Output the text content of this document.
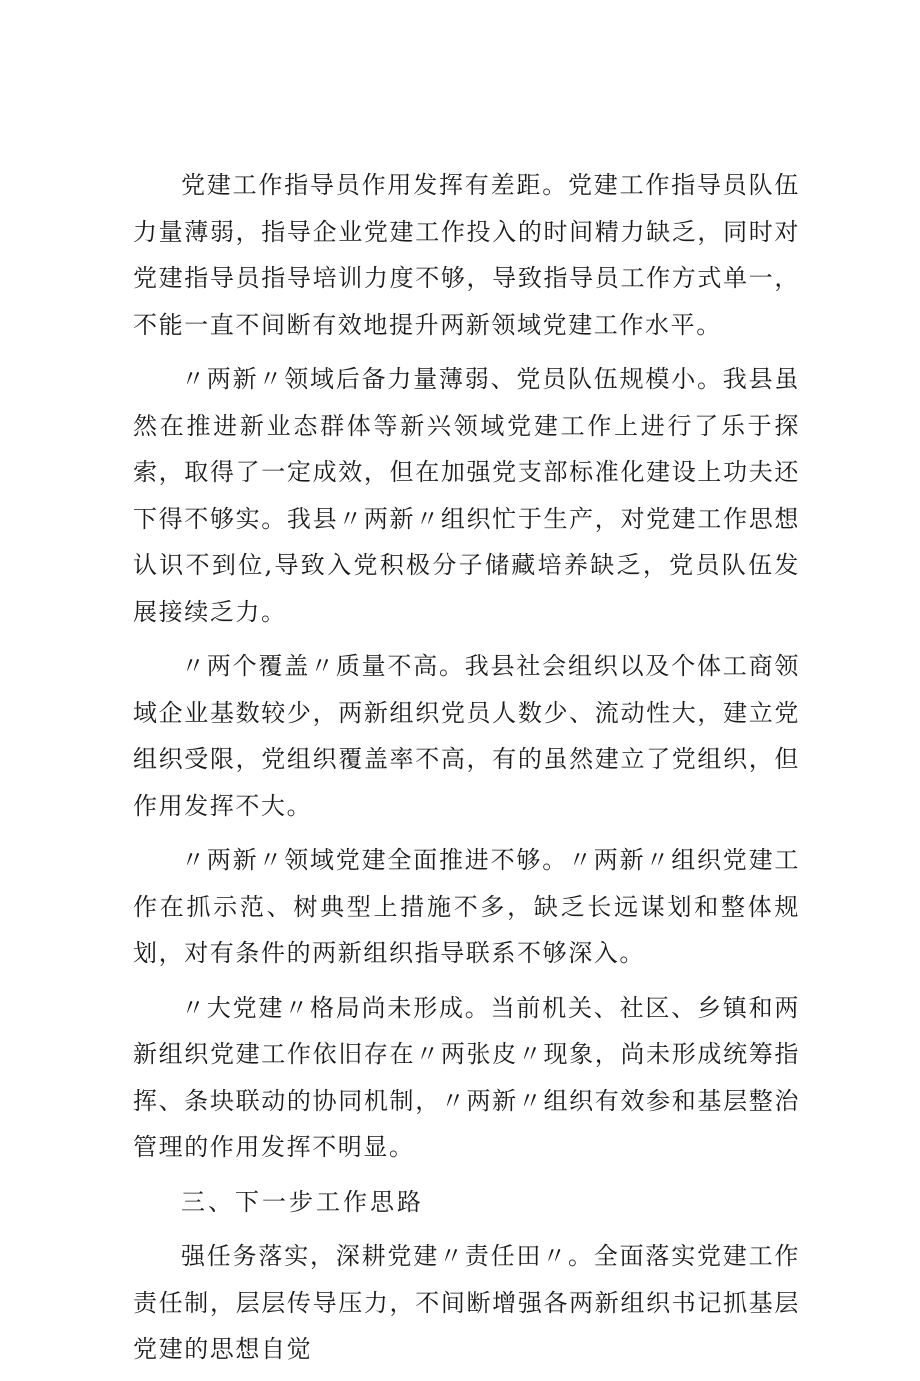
党建工作指导员作用发挥有差距。党建工作指导员队伍力量薄弱，指导企业党建工作投入的时间精力缺乏，同时对党建指导员指导培训力度不够，导致指导员工作方式单一，不能一直不间断有效地提升两新领域党建工作水平。

〃两新〃领域后备力量薄弱、党员队伍规模小。我县虽然在推进新业态群体等新兴领域党建工作上进行了乐于探索，取得了一定成效，但在加强党支部标准化建设上功夫还下得不够实。我县〃两新〃组织忙于生产，对党建工作思想认识不到位,导致入党积极分子储藏培养缺乏，党员队伍发展接续乏力。

〃两个覆盖〃质量不高。我县社会组织以及个体工商领域企业基数较少，两新组织党员人数少、流动性大，建立党组织受限，党组织覆盖率不高，有的虽然建立了党组织，但作用发挥不大。

〃两新〃领域党建全面推进不够。〃两新〃组织党建工作在抓示范、树典型上措施不多，缺乏长远谋划和整体规划，对有条件的两新组织指导联系不够深入。

〃大党建〃格局尚未形成。当前机关、社区、乡镇和两新组织党建工作依旧存在〃两张皮〃现象，尚未形成统筹指挥、条块联动的协同机制，〃两新〃组织有效参和基层整治管理的作用发挥不明显。

三、下一步工作思路

强任务落实，深耕党建〃责任田〃。全面落实党建工作责任制，层层传导压力，不间断增强各两新组织书记抓基层党建的思想自觉
